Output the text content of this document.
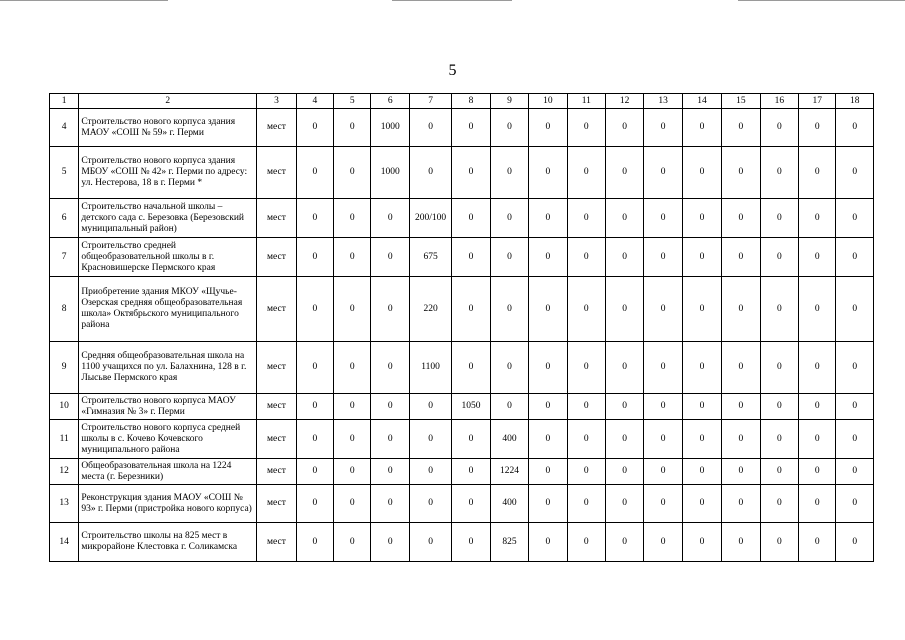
5
1	2	3	4	5	6	7	8	9	10	11	12	13	14	15	16	17	18
4	Строительство нового корпуса здания МАОУ «СОШ № 59» г. Перми	мест	0	0	1000	0	0	0	0	0	0	0	0	0	0	0	0
5	Строительство нового корпуса здания МБОУ «СОШ № 42» г. Перми по адресу: ул. Нестерова, 18 в г. Перми *	мест	0	0	1000	0	0	0	0	0	0	0	0	0	0	0	0
6	Строительство начальной школы – детского сада с. Березовка (Березовский муниципальный район)	мест	0	0	0	200/100	0	0	0	0	0	0	0	0	0	0	0
7	Строительство средней общеобразовательной школы в г. Красновишерске Пермского края	мест	0	0	0	675	0	0	0	0	0	0	0	0	0	0	0
8	Приобретение здания МКОУ «Щучье-Озерская средняя общеобразовательная школа» Октябрьского муниципального района	мест	0	0	0	220	0	0	0	0	0	0	0	0	0	0	0
9	Средняя общеобразовательная школа на 1100 учащихся по ул. Балахнина, 128 в г. Лысьве Пермского края	мест	0	0	0	1100	0	0	0	0	0	0	0	0	0	0	0
10	Строительство нового корпуса МАОУ «Гимназия № 3» г. Перми	мест	0	0	0	0	1050	0	0	0	0	0	0	0	0	0	0
11	Строительство нового корпуса средней школы в с. Кочево Кочевского муниципального района	мест	0	0	0	0	0	400	0	0	0	0	0	0	0	0	0
12	Общеобразовательная школа на 1224 места (г. Березники)	мест	0	0	0	0	0	1224	0	0	0	0	0	0	0	0	0
13	Реконструкция здания МАОУ «СОШ № 93» г. Перми (пристройка нового корпуса)	мест	0	0	0	0	0	400	0	0	0	0	0	0	0	0	0
14	Строительство школы на 825 мест в микрорайоне Клестовка г. Соликамска	мест	0	0	0	0	0	825	0	0	0	0	0	0	0	0	0
